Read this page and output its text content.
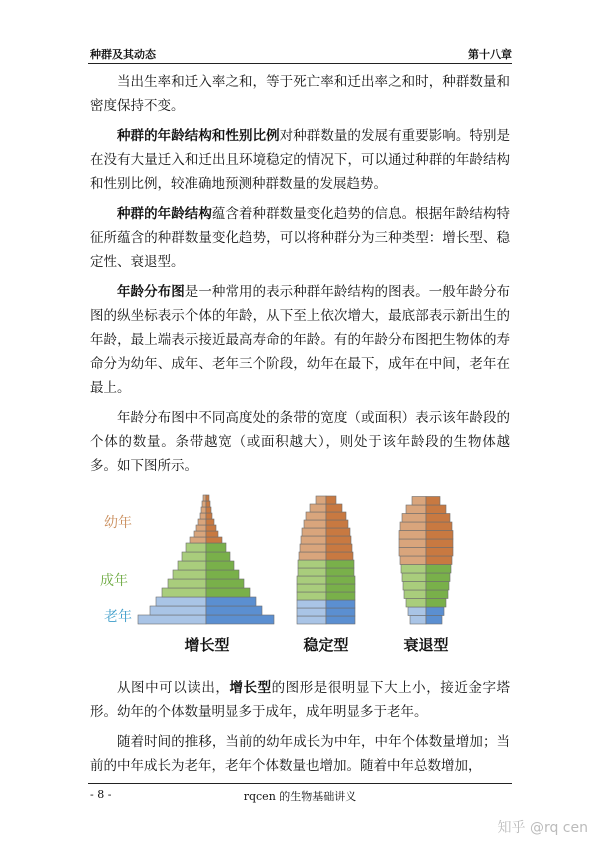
种群及其动态	第十八章

当出生率和迁入率之和，等于死亡率和迁出率之和时，种群数量和密度保持不变。

种群的年龄结构和性别比例对种群数量的发展有重要影响。特别是在没有大量迁入和迁出且环境稳定的情况下，可以通过种群的年龄结构和性别比例，较准确地预测种群数量的发展趋势。

种群的年龄结构蕴含着种群数量变化趋势的信息。根据年龄结构特征所蕴含的种群数量变化趋势，可以将种群分为三种类型：增长型、稳定性、衰退型。

年龄分布图是一种常用的表示种群年龄结构的图表。一般年龄分布图的纵坐标表示个体的年龄，从下至上依次增大，最底部表示新出生的年龄，最上端表示接近最高寿命的年龄。有的年龄分布图把生物体的寿命分为幼年、成年、老年三个阶段，幼年在最下，成年在中间，老年在最上。

年龄分布图中不同高度处的条带的宽度（或面积）表示该年龄段的个体的数量。条带越宽（或面积越大），则处于该年龄段的生物体越多。如下图所示。

幼年
成年
老年
增长型	稳定型	衰退型

从图中可以读出，增长型的图形是很明显下大上小，接近金字塔形。幼年的个体数量明显多于成年，成年明显多于老年。

随着时间的推移，当前的幼年成长为中年，中年个体数量增加；当前的中年成长为老年，老年个体数量也增加。随着中年总数增加，

- 8 -	rqcen 的生物基础讲义
知乎 @rq cen
